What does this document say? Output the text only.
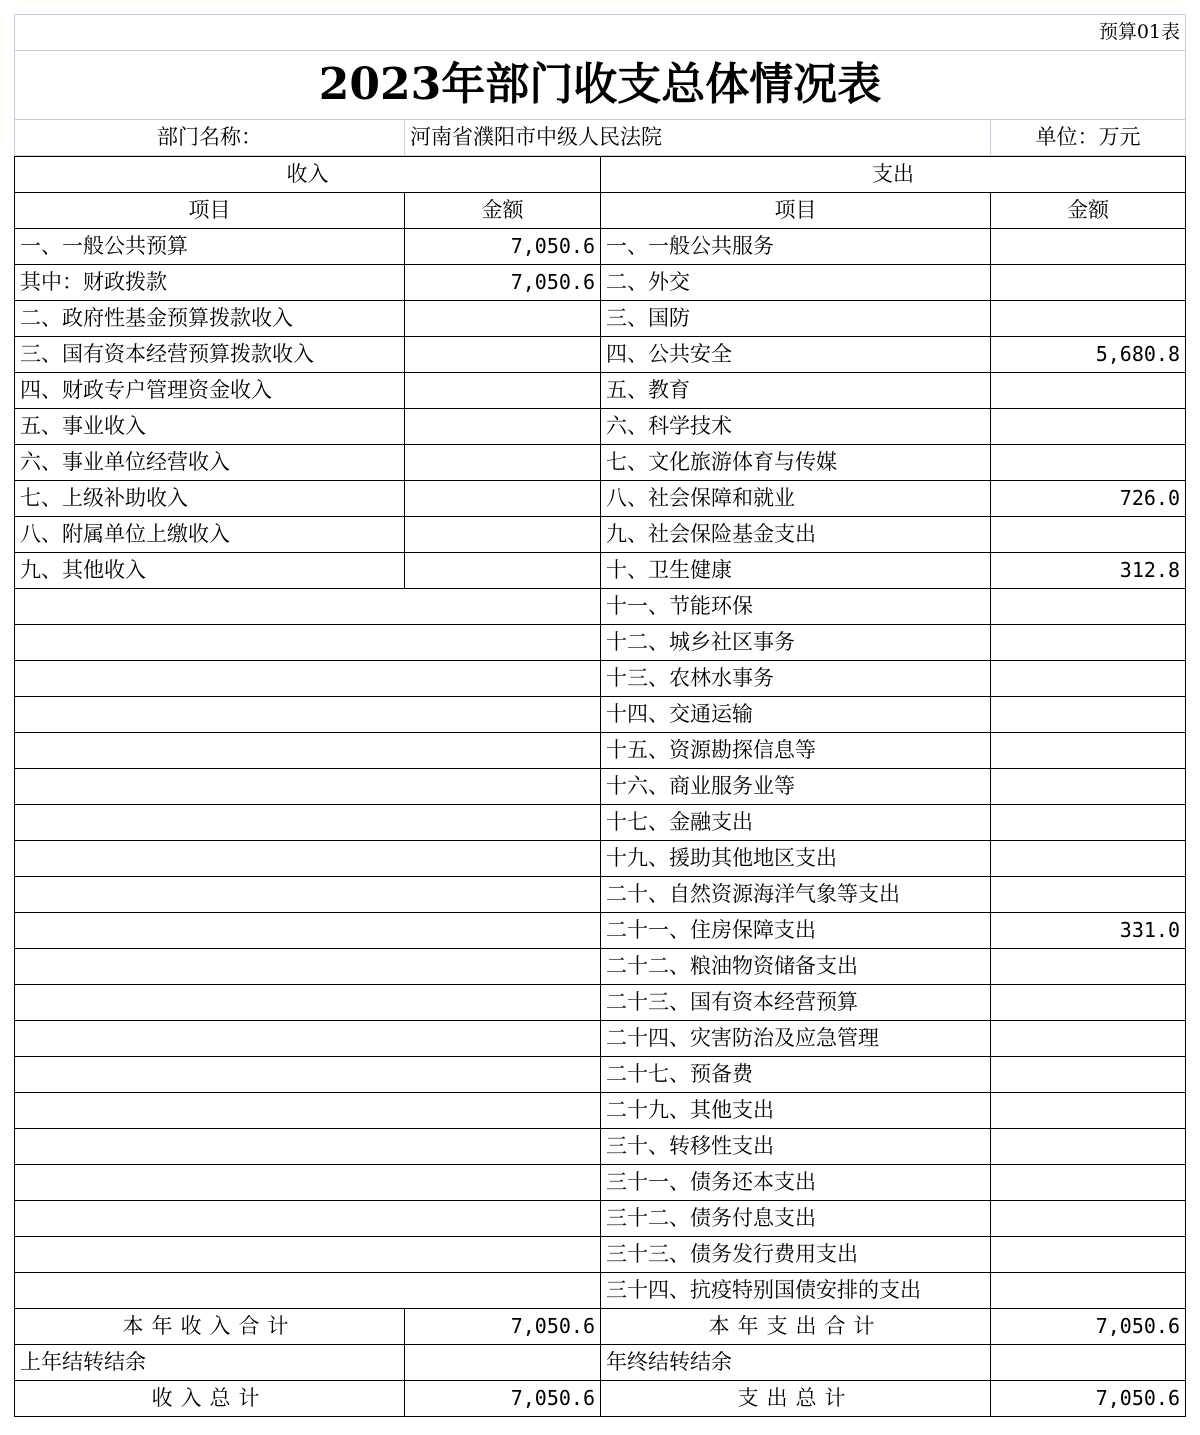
预算01表
2023年部门收支总体情况表
部门名称：	河南省濮阳市中级人民法院	单位：万元
收入		支出	
项目	金额	项目	金额
一、一般公共预算	7,050.6	一、一般公共服务	
其中：财政拨款	7,050.6	二、外交	
二、政府性基金预算拨款收入		三、国防	
三、国有资本经营预算拨款收入		四、公共安全	5,680.8
四、财政专户管理资金收入		五、教育	
五、事业收入		六、科学技术	
六、事业单位经营收入		七、文化旅游体育与传媒	
七、上级补助收入		八、社会保障和就业	726.0
八、附属单位上缴收入		九、社会保险基金支出	
九、其他收入		十、卫生健康	312.8
		十一、节能环保	
		十二、城乡社区事务	
		十三、农林水事务	
		十四、交通运输	
		十五、资源勘探信息等	
		十六、商业服务业等	
		十七、金融支出	
		十九、援助其他地区支出	
		二十、自然资源海洋气象等支出	
		二十一、住房保障支出	331.0
		二十二、粮油物资储备支出	
		二十三、国有资本经营预算	
		二十四、灾害防治及应急管理	
		二十七、预备费	
		二十九、其他支出	
		三十、转移性支出	
		三十一、债务还本支出	
		三十二、债务付息支出	
		三十三、债务发行费用支出	
		三十四、抗疫特别国债安排的支出	
本年收入合计	7,050.6	本年支出合计	7,050.6
上年结转结余		年终结转结余	
收入总计	7,050.6	支出总计	7,050.6
